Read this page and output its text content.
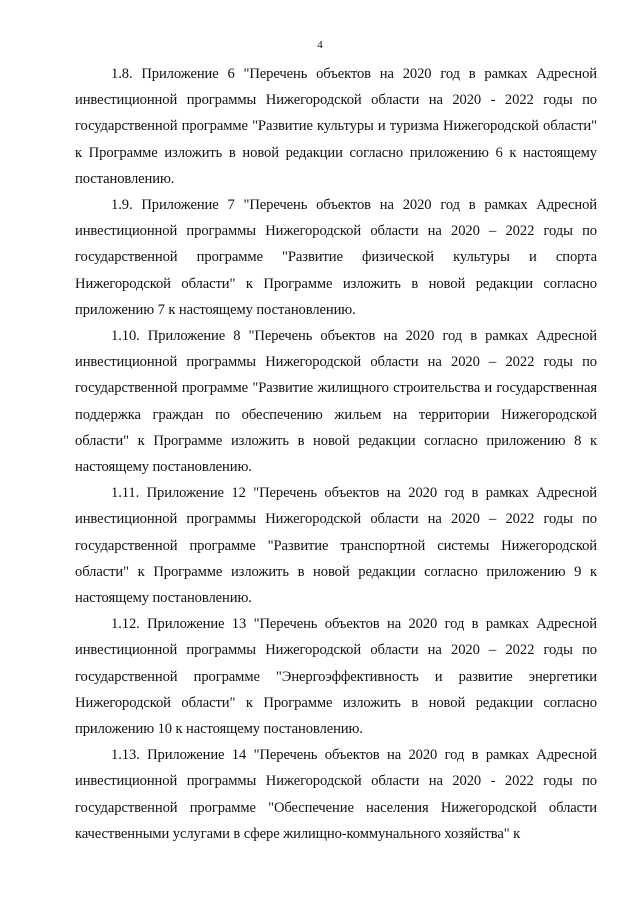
4

1.8. Приложение 6 "Перечень объектов на 2020 год в рамках Адресной инвестиционной программы Нижегородской области на 2020 - 2022 годы по государственной программе "Развитие культуры и туризма Нижегородской области" к Программе изложить в новой редакции согласно приложению 6 к настоящему постановлению.

1.9. Приложение 7 "Перечень объектов на 2020 год в рамках Адресной инвестиционной программы Нижегородской области на 2020 – 2022 годы по государственной программе "Развитие физической культуры и спорта Нижегородской области" к Программе изложить в новой редакции согласно приложению 7 к настоящему постановлению.

1.10. Приложение 8 "Перечень объектов на 2020 год в рамках Адресной инвестиционной программы Нижегородской области на 2020 – 2022 годы по государственной программе "Развитие жилищного строительства и государственная поддержка граждан по обеспечению жильем на территории Нижегородской области" к Программе изложить в новой редакции согласно приложению 8 к настоящему постановлению.

1.11. Приложение 12 "Перечень объектов на 2020 год в рамках Адресной инвестиционной программы Нижегородской области на 2020 – 2022 годы по государственной программе "Развитие транспортной системы Нижегородской области" к Программе изложить в новой редакции согласно приложению 9 к настоящему постановлению.

1.12. Приложение 13 "Перечень объектов на 2020 год в рамках Адресной инвестиционной программы Нижегородской области на 2020 – 2022 годы по государственной программе "Энергоэффективность и развитие энергетики Нижегородской области" к Программе изложить в новой редакции согласно приложению 10 к настоящему постановлению.

1.13. Приложение 14 "Перечень объектов на 2020 год в рамках Адресной инвестиционной программы Нижегородской области на 2020 - 2022 годы по государственной программе "Обеспечение населения Нижегородской области качественными услугами в сфере жилищно-коммунального хозяйства" к
